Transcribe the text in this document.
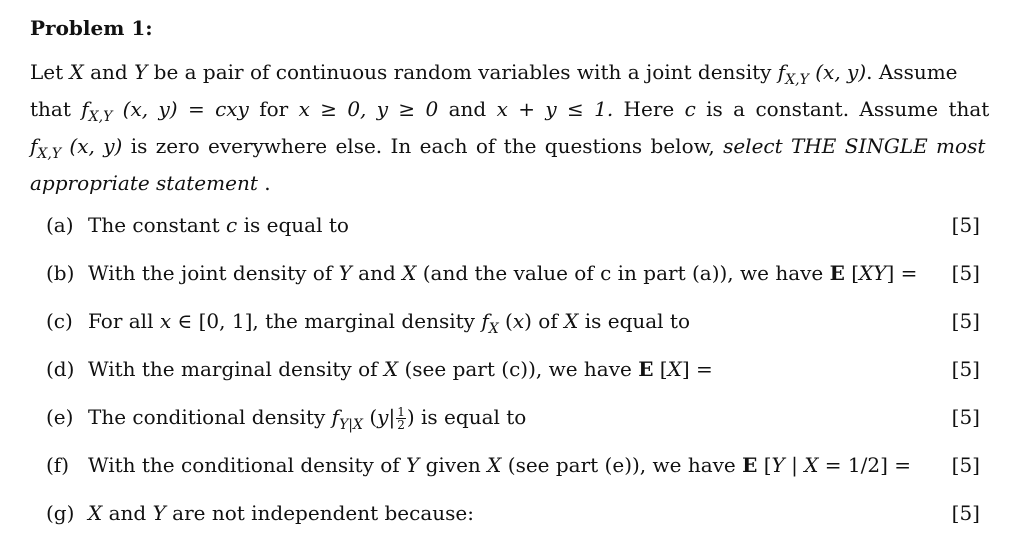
Problem 1:
Let X and Y be a pair of continuous random variables with a joint density $f_{X,Y}$ (x, y). Assume
that $f_{X,Y}$ (x, y) = cxy for x ≥ 0, y ≥ 0 and x + y ≤ 1. Here c is a constant. Assume that
$f_{X,Y}$ (x, y) is zero everywhere else. In each of the questions below, select THE SINGLE most
appropriate statement .
(a) The constant c is equal to	[5]
(b) With the joint density of Y and X (and the value of c in part (a)), we have E [XY] = [5]
(c) For all x ∈ [0, 1], the marginal density $f_X$ (x) of X is equal to	[5]
(d) With the marginal density of X (see part (c)), we have E [X] =	[5]
(e) The conditional density $f_{Y|X}$ ($y| \frac{1}{2}$ ) is equal to	[5]
(f) With the conditional density of Y given X (see part (e)), we have E [Y | X = 1/2] = [5]
(g) X and Y are not independent because:	[5]
